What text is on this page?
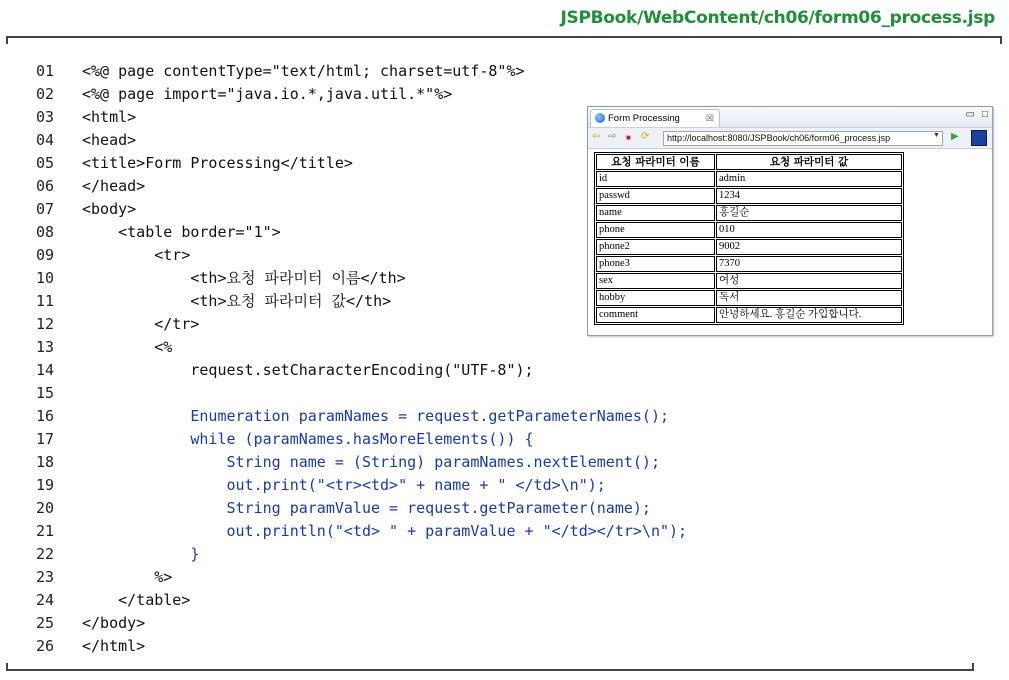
JSPBook/WebContent/ch06/form06_process.jsp
01	<%@ page contentType="text/html; charset=utf-8"%>
02	<%@ page import="java.io.*,java.util.*"%>
03	<html>
04	<head>
05	<title>Form Processing</title>
06	</head>
07	<body>
08	<table border="1">
09	<tr>
10	<th>요청 파라미터 이름</th>
11	<th>요청 파라미터 값</th>
12	</tr>
13	<%
14	request.setCharacterEncoding("UTF-8");
15
16	Enumeration paramNames = request.getParameterNames();
17	while (paramNames.hasMoreElements()) {
18	String name = (String) paramNames.nextElement();
19	out.print("<tr><td>" + name + " </td>\n");
20	String paramValue = request.getParameter(name);
21	out.println("<td> " + paramValue + "</td></tr>\n");
22	}
23	%>
24	</table>
25	</body>
26	</html>
Form Processing	☒	▭ □
⇦ ⇨ ■ ⟳	http://localhost:8080/JSPBook/ch06/form06_process.jsp	▼ ▶
요청 파라미터 이름	요청 파라미터 값
id	admin
passwd	1234
name	홍길순
phone	010
phone2	9002
phone3	7370
sex	여성
hobby	독서
comment	안녕하세요. 홍길순 가입합니다.
